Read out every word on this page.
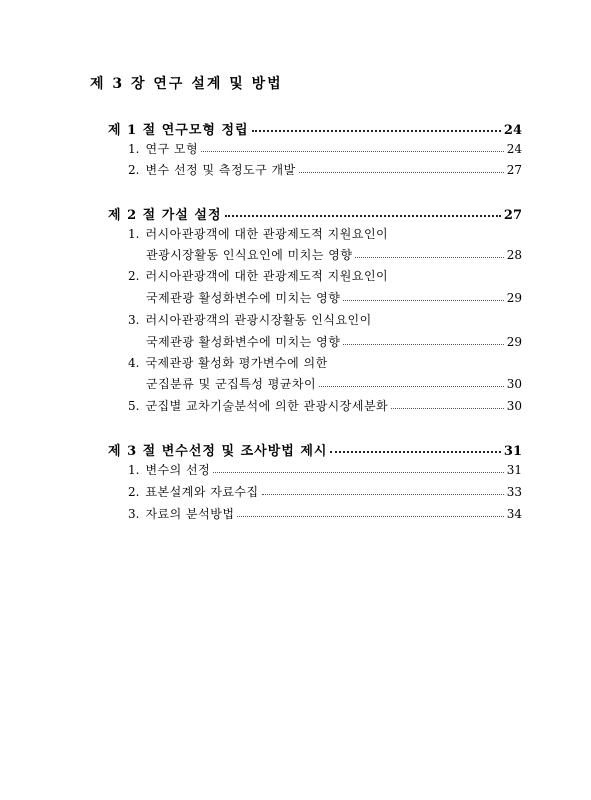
제 3 장 연구 설계 및 방법
제 1 절 연구모형 정립	24
1. 연구 모형	24
2. 변수 선정 및 측정도구 개발	27
제 2 절 가설 설정	27
1. 러시아관광객에 대한 관광제도적 지원요인이
관광시장활동 인식요인에 미치는 영향	28
2. 러시아관광객에 대한 관광제도적 지원요인이
국제관광 활성화변수에 미치는 영향	29
3. 러시아관광객의 관광시장활동 인식요인이
국제관광 활성화변수에 미치는 영향	29
4. 국제관광 활성화 평가변수에 의한
군집분류 및 군집특성 평균차이	30
5. 군집별 교차기술분석에 의한 관광시장세분화	30
제 3 절 변수선정 및 조사방법 제시	31
1. 변수의 선정	31
2. 표본설계와 자료수집	33
3. 자료의 분석방법	34
